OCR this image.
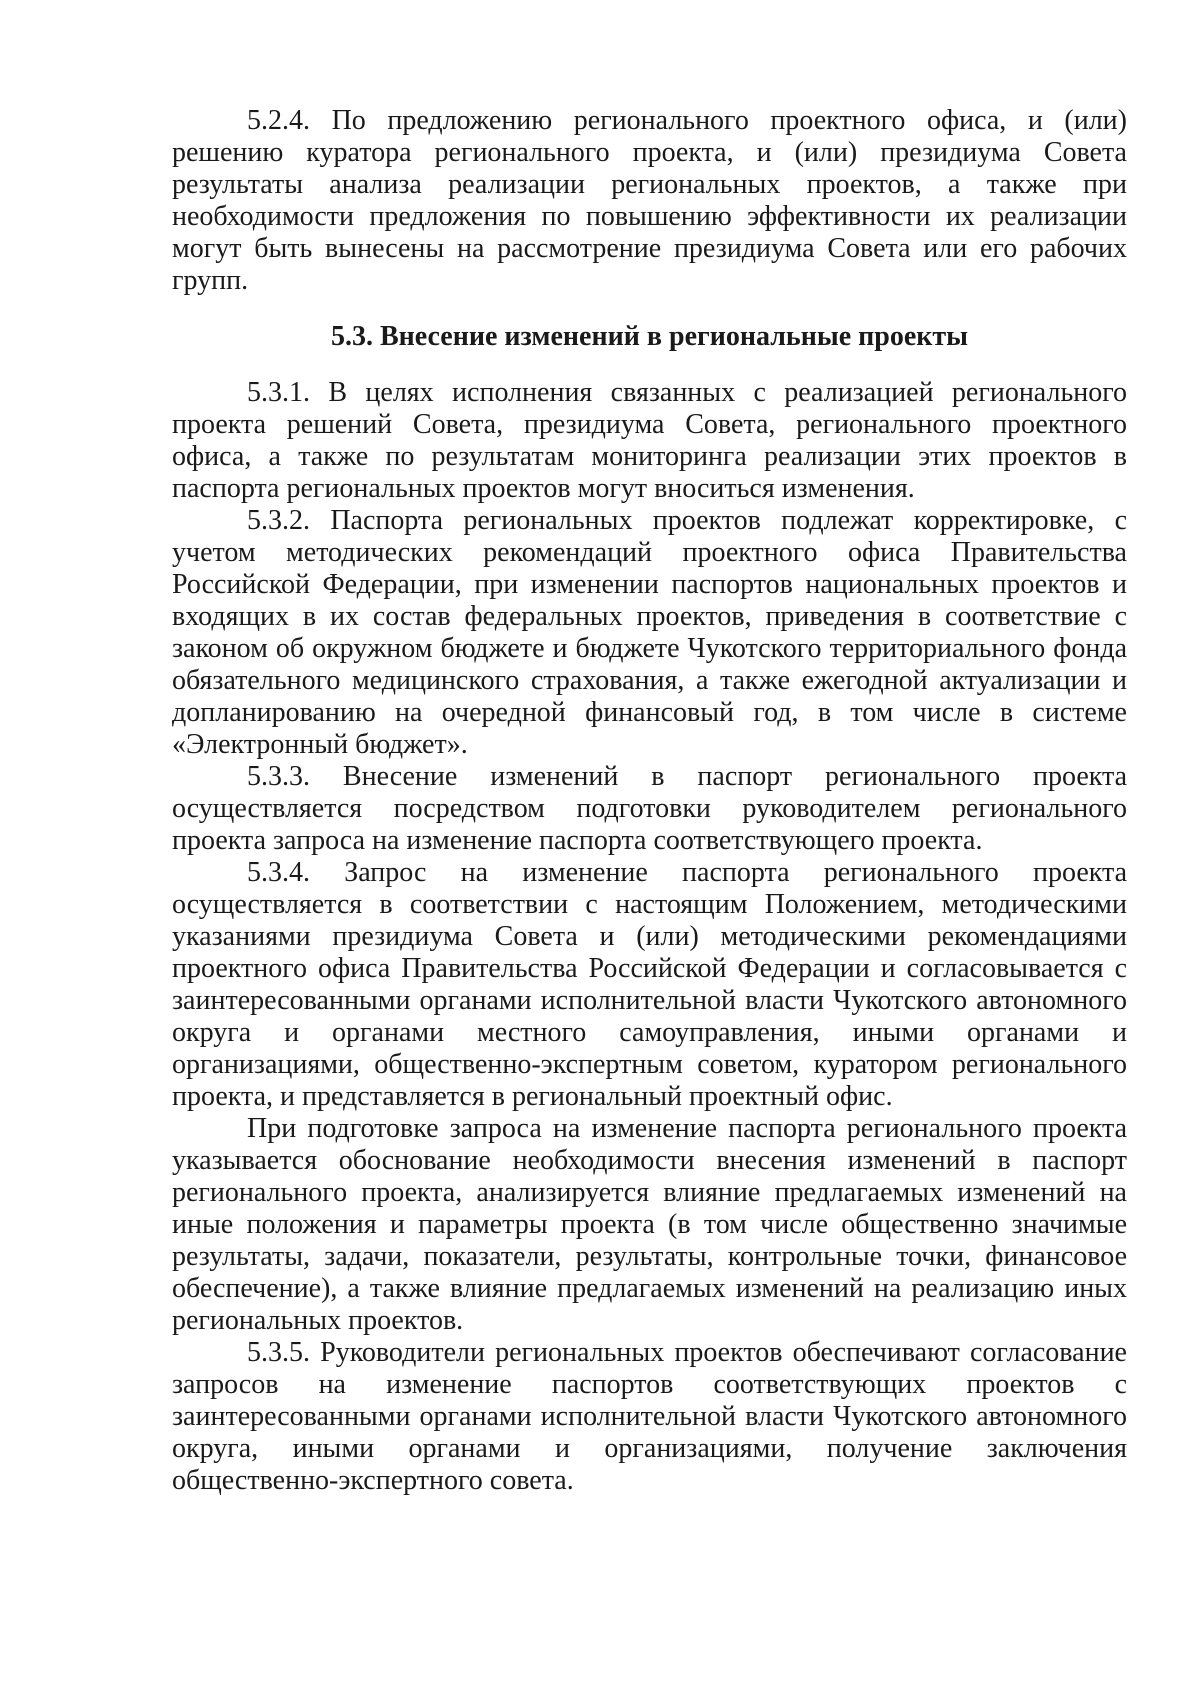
5.2.4. По предложению регионального проектного офиса, и (или) решению куратора регионального проекта, и (или) президиума Совета результаты анализа реализации региональных проектов, а также при необходимости предложения по повышению эффективности их реализации могут быть вынесены на рассмотрение президиума Совета или его рабочих групп.

5.3. Внесение изменений в региональные проекты

5.3.1. В целях исполнения связанных с реализацией регионального проекта решений Совета, президиума Совета, регионального проектного офиса, а также по результатам мониторинга реализации этих проектов в паспорта региональных проектов могут вноситься изменения.

5.3.2. Паспорта региональных проектов подлежат корректировке, с учетом методических рекомендаций проектного офиса Правительства Российской Федерации, при изменении паспортов национальных проектов и входящих в их состав федеральных проектов, приведения в соответствие с законом об окружном бюджете и бюджете Чукотского территориального фонда обязательного медицинского страхования, а также ежегодной актуализации и допланированию на очередной финансовый год, в том числе в системе «Электронный бюджет».

5.3.3. Внесение изменений в паспорт регионального проекта осуществляется посредством подготовки руководителем регионального проекта запроса на изменение паспорта соответствующего проекта.

5.3.4. Запрос на изменение паспорта регионального проекта осуществляется в соответствии с настоящим Положением, методическими указаниями президиума Совета и (или) методическими рекомендациями проектного офиса Правительства Российской Федерации и согласовывается с заинтересованными органами исполнительной власти Чукотского автономного округа и органами местного самоуправления, иными органами и организациями, общественно-экспертным советом, куратором регионального проекта, и представляется в региональный проектный офис.

При подготовке запроса на изменение паспорта регионального проекта указывается обоснование необходимости внесения изменений в паспорт регионального проекта, анализируется влияние предлагаемых изменений на иные положения и параметры проекта (в том числе общественно значимые результаты, задачи, показатели, результаты, контрольные точки, финансовое обеспечение), а также влияние предлагаемых изменений на реализацию иных региональных проектов.

5.3.5. Руководители региональных проектов обеспечивают согласование запросов на изменение паспортов соответствующих проектов с заинтересованными органами исполнительной власти Чукотского автономного округа, иными органами и организациями, получение заключения общественно-экспертного совета.
